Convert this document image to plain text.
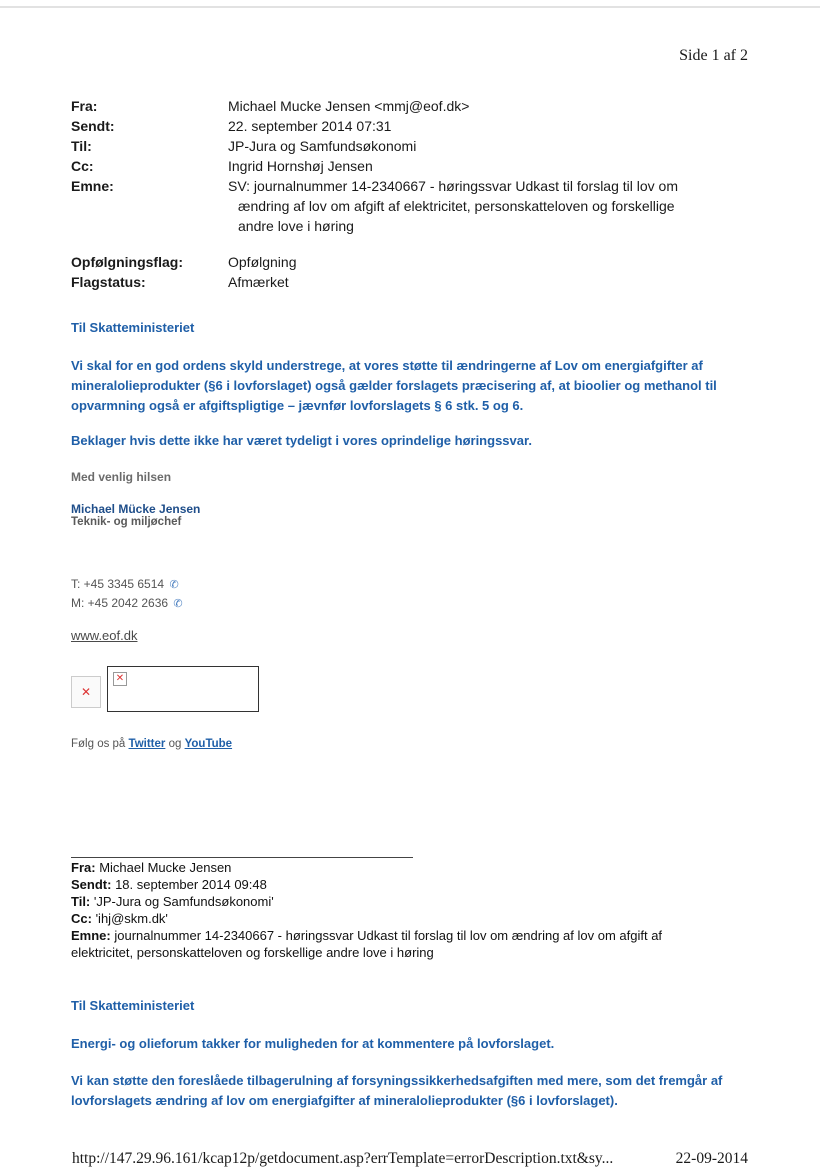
Side 1 af 2
Fra:	Michael Mucke Jensen <mmj@eof.dk>
Sendt:	22. september 2014 07:31
Til:	JP-Jura og Samfundsøkonomi
Cc:	Ingrid Hornshøj Jensen
Emne:	SV: journalnummer 14-2340667 - høringssvar Udkast til forslag til lov om
ændring af lov om afgift af elektricitet, personskatteloven og forskellige
andre love i høring
Opfølgningsflag:	Opfølgning
Flagstatus:	Afmærket

Til Skatteministeriet

Vi skal for en god ordens skyld understrege, at vores støtte til ændringerne af Lov om energiafgifter af

mineralolieprodukter (§6 i lovforslaget) også gælder forslagets præcisering af, at bioolier og methanol til

opvarmning også er afgiftspligtige – jævnfør lovforslagets § 6 stk. 5 og 6.

Beklager hvis dette ikke har været tydeligt i vores oprindelige høringssvar.

Med venlig hilsen

Michael Mücke Jensen
Teknik- og miljøchef
T: +45 3345 6514 ✆
M: +45 2042 2636 ✆
www.eof.dk
✕
✕
Følg os på Twitter og YouTube
Fra: Michael Mucke Jensen
Sendt: 18. september 2014 09:48
Til: 'JP-Jura og Samfundsøkonomi'
Cc: 'ihj@skm.dk'
Emne: journalnummer 14-2340667 - høringssvar Udkast til forslag til lov om ændring af lov om afgift af
elektricitet, personskatteloven og forskellige andre love i høring

Til Skatteministeriet

Energi- og olieforum takker for muligheden for at kommentere på lovforslaget.

Vi kan støtte den foreslåede tilbagerulning af forsyningssikkerhedsafgiften med mere, som det fremgår af

lovforslagets ændring af lov om energiafgifter af mineralolieprodukter (§6 i lovforslaget).

http://147.29.96.161/kcap12p/getdocument.asp?errTemplate=errorDescription.txt&sy...	22-09-2014
